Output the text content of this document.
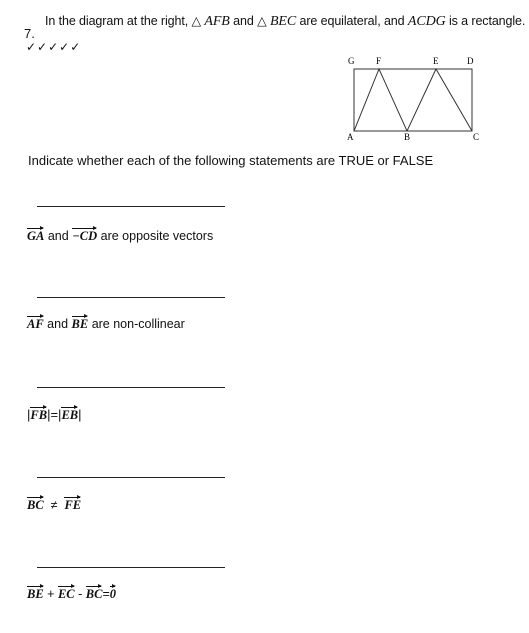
In the diagram at the right, △ AFB and △ BEC are equilateral, and ACDG is a rectangle.
7.
✓✓✓✓✓
G F	E	D
A	B	C
Indicate whether each of the following statements are TRUE or FALSE
GA and −CD are opposite vectors
AF and BE are non-collinear
|FB|=|EB|
BC ≠ FE
BE + EC - BC=0
